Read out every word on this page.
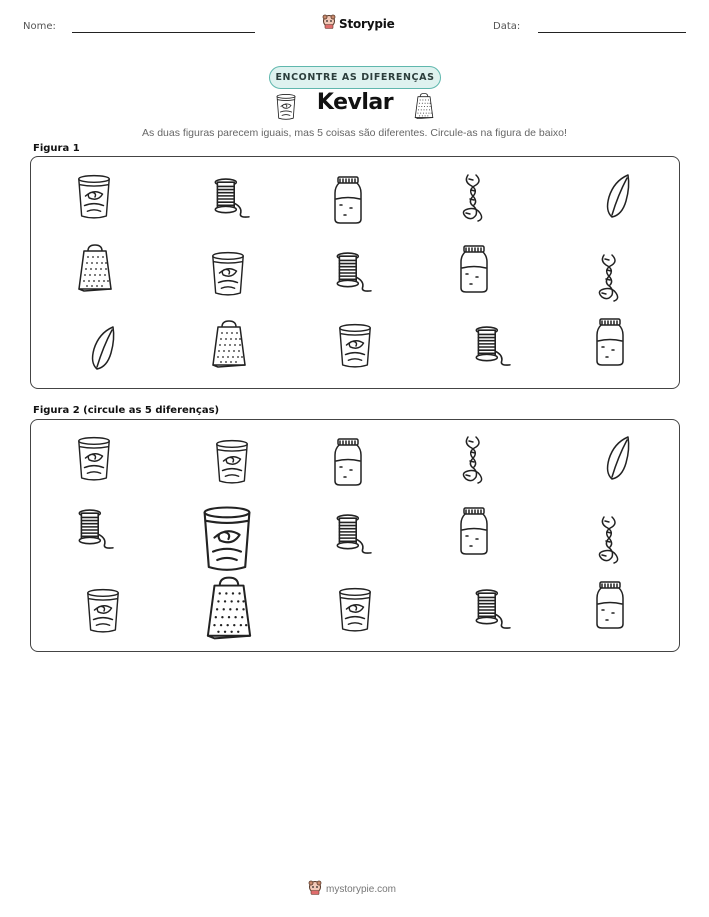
Nome:	Storypie	Data:
ENCONTRE AS DIFERENÇAS
Kevlar
As duas figuras parecem iguais, mas 5 coisas são diferentes. Circule-as na figura de baixo!
Figura 1
Figura 2 (circule as 5 diferenças)
mystorypie.com
